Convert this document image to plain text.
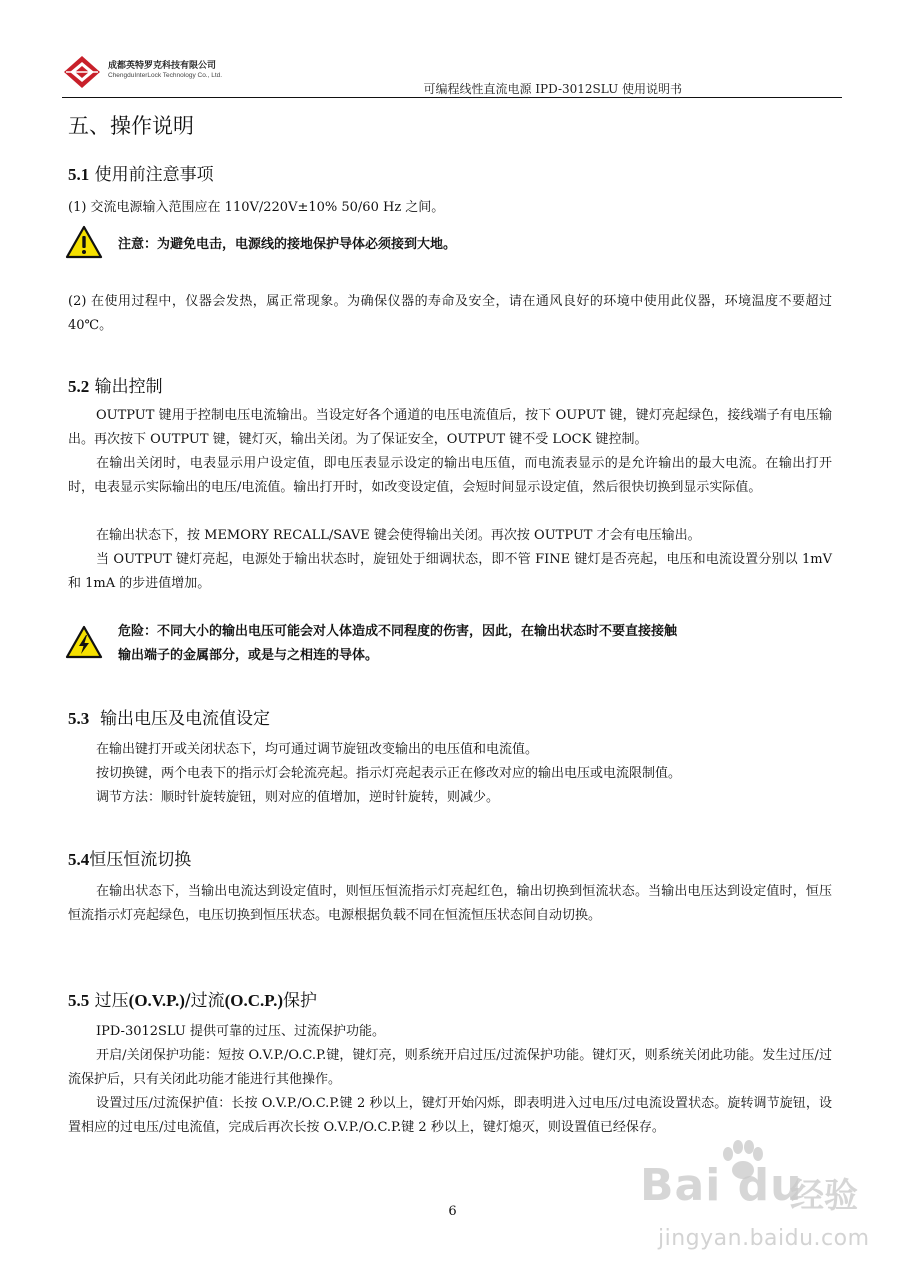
成都英特罗克科技有限公司
ChengduInterLock Technology Co., Ltd.
可编程线性直流电源 IPD-3012SLU 使用说明书
五、操作说明
5.1 使用前注意事项
(1) 交流电源输入范围应在 110V/220V±10% 50/60 Hz 之间。
注意：为避免电击，电源线的接地保护导体必须接到大地。
(2) 在使用过程中，仪器会发热，属正常现象。为确保仪器的寿命及安全，请在通风良好的环境中使用此仪器，环境温度不要超过 40℃。
5.2 输出控制
OUTPUT 键用于控制电压电流输出。当设定好各个通道的电压电流值后，按下 OUPUT 键，键灯亮起绿色，接线端子有电压输出。再次按下 OUTPUT 键，键灯灭，输出关闭。为了保证安全，OUTPUT 键不受 LOCK 键控制。
在输出关闭时，电表显示用户设定值，即电压表显示设定的输出电压值，而电流表显示的是允许输出的最大电流。在输出打开时，电表显示实际输出的电压/电流值。输出打开时，如改变设定值，会短时间显示设定值，然后很快切换到显示实际值。
在输出状态下，按 MEMORY RECALL/SAVE 键会使得输出关闭。再次按 OUTPUT 才会有电压输出。
当 OUTPUT 键灯亮起，电源处于输出状态时，旋钮处于细调状态，即不管 FINE 键灯是否亮起，电压和电流设置分别以 1mV 和 1mA 的步进值增加。
危险：不同大小的输出电压可能会对人体造成不同程度的伤害，因此，在输出状态时不要直接接触
输出端子的金属部分，或是与之相连的导体。
5.3 输出电压及电流值设定
在输出键打开或关闭状态下，均可通过调节旋钮改变输出的电压值和电流值。
按切换键，两个电表下的指示灯会轮流亮起。指示灯亮起表示正在修改对应的输出电压或电流限制值。
调节方法：顺时针旋转旋钮，则对应的值增加，逆时针旋转，则减少。
5.4恒压恒流切换
在输出状态下，当输出电流达到设定值时，则恒压恒流指示灯亮起红色，输出切换到恒流状态。当输出电压达到设定值时，恒压恒流指示灯亮起绿色，电压切换到恒压状态。电源根据负载不同在恒流恒压状态间自动切换。
5.5 过压(O.V.P.)/过流(O.C.P.)保护
IPD-3012SLU 提供可靠的过压、过流保护功能。
开启/关闭保护功能：短按 O.V.P./O.C.P.键，键灯亮，则系统开启过压/过流保护功能。键灯灭，则系统关闭此功能。发生过压/过流保护后，只有关闭此功能才能进行其他操作。
设置过压/过流保护值：长按 O.V.P./O.C.P.键 2 秒以上，键灯开始闪烁，即表明进入过电压/过电流设置状态。旋转调节旋钮，设置相应的过电压/过电流值，完成后再次长按 O.V.P./O.C.P.键 2 秒以上，键灯熄灭，则设置值已经保存。
6
Bai du
经验
jingyan.baidu.com
